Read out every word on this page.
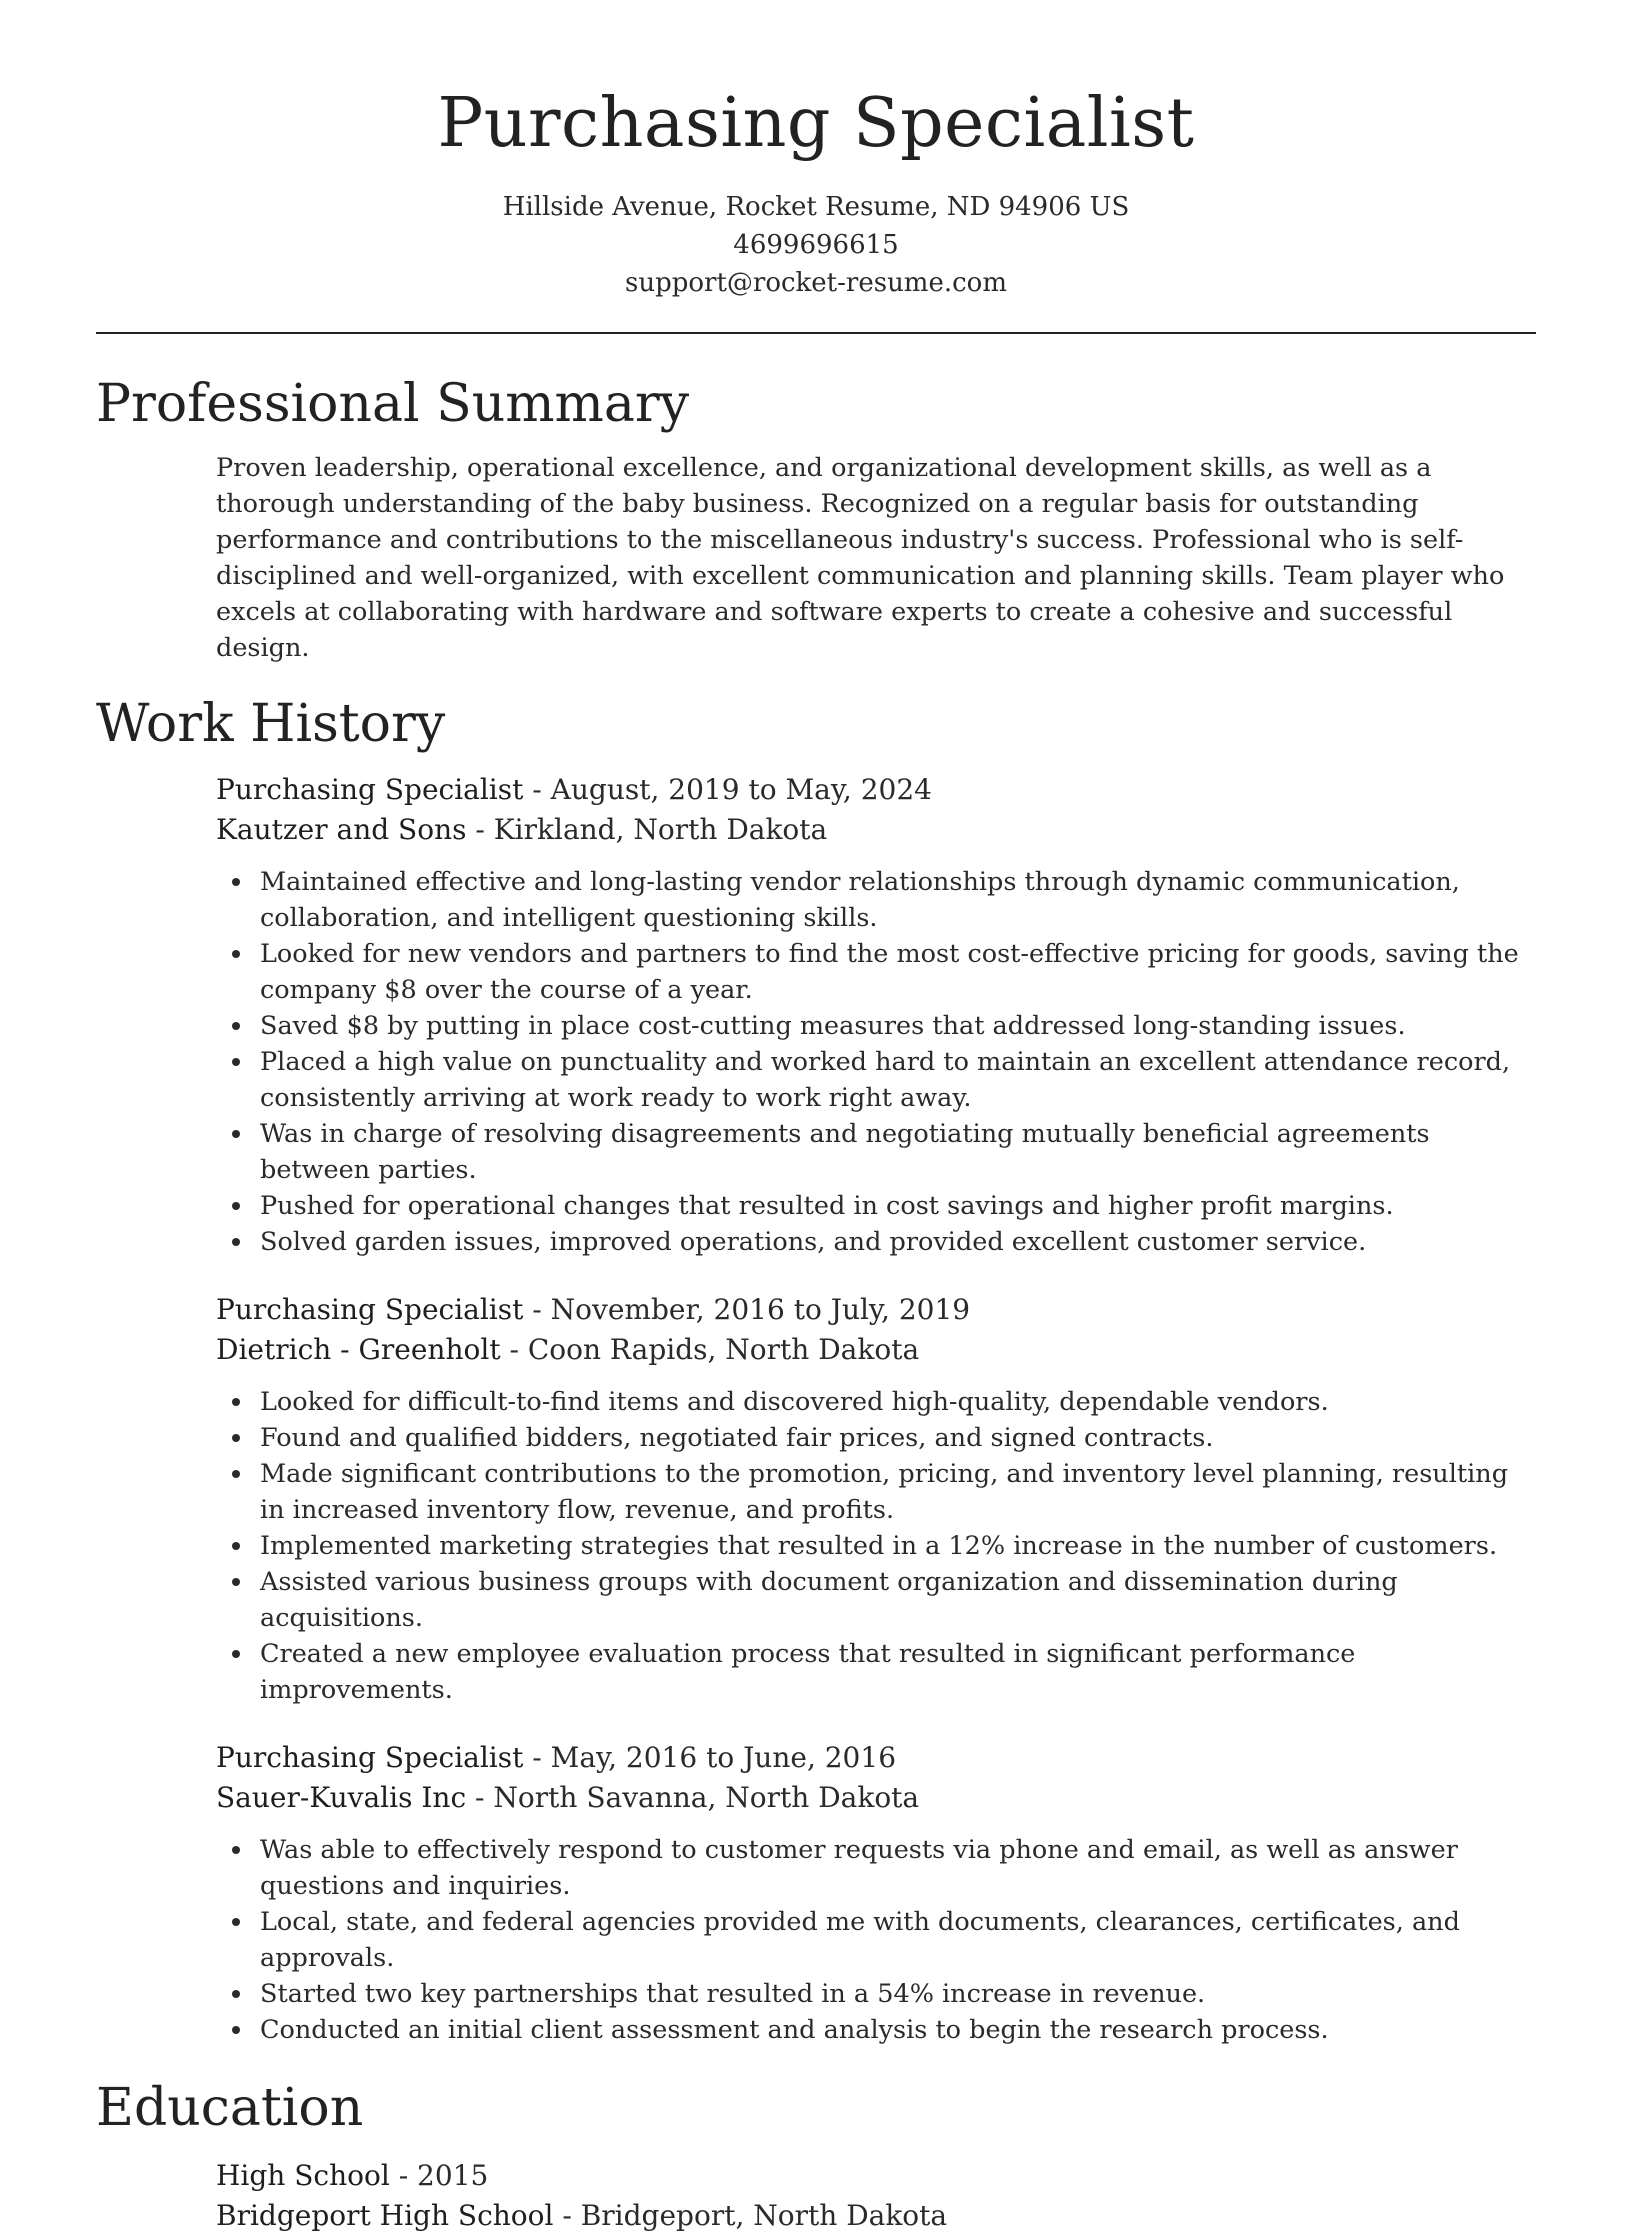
Purchasing Specialist
Hillside Avenue, Rocket Resume, ND 94906 US
4699696615
support@rocket-resume.com
Professional Summary
Proven leadership, operational excellence, and organizational development skills, as well as a thorough understanding of the baby business. Recognized on a regular basis for outstanding performance and contributions to the miscellaneous industry's success. Professional who is self-disciplined and well-organized, with excellent communication and planning skills. Team player who excels at collaborating with hardware and software experts to create a cohesive and successful design.
Work History
Purchasing Specialist - August, 2019 to May, 2024
Kautzer and Sons - Kirkland, North Dakota
Maintained effective and long-lasting vendor relationships through dynamic communication, collaboration, and intelligent questioning skills.
Looked for new vendors and partners to find the most cost-effective pricing for goods, saving the company $8 over the course of a year.
Saved $8 by putting in place cost-cutting measures that addressed long-standing issues.
Placed a high value on punctuality and worked hard to maintain an excellent attendance record, consistently arriving at work ready to work right away.
Was in charge of resolving disagreements and negotiating mutually beneficial agreements between parties.
Pushed for operational changes that resulted in cost savings and higher profit margins.
Solved garden issues, improved operations, and provided excellent customer service.
Purchasing Specialist - November, 2016 to July, 2019
Dietrich - Greenholt - Coon Rapids, North Dakota
Looked for difficult-to-find items and discovered high-quality, dependable vendors.
Found and qualified bidders, negotiated fair prices, and signed contracts.
Made significant contributions to the promotion, pricing, and inventory level planning, resulting in increased inventory flow, revenue, and profits.
Implemented marketing strategies that resulted in a 12% increase in the number of customers.
Assisted various business groups with document organization and dissemination during acquisitions.
Created a new employee evaluation process that resulted in significant performance improvements.
Purchasing Specialist - May, 2016 to June, 2016
Sauer-Kuvalis Inc - North Savanna, North Dakota
Was able to effectively respond to customer requests via phone and email, as well as answer questions and inquiries.
Local, state, and federal agencies provided me with documents, clearances, certificates, and approvals.
Started two key partnerships that resulted in a 54% increase in revenue.
Conducted an initial client assessment and analysis to begin the research process.
Education
High School - 2015
Bridgeport High School - Bridgeport, North Dakota
